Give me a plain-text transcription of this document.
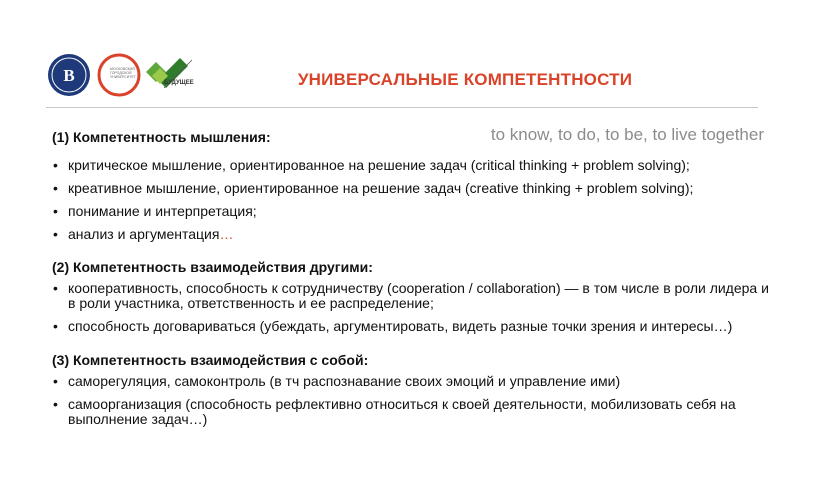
В	МОСКОВСКИЙ ГОРОДСКОЙ УНИВЕРСИТЕТ
БУДУЩЕЕ	УНИВЕРСАЛЬНЫЕ КОМПЕТЕНТНОСТИ
to know, to do, to be, to live together
(1) Компетентность мышления:
• критическое мышление, ориентированное на решение задач (critical thinking + problem solving);
• креативное мышление, ориентированное на решение задач (creative thinking + problem solving);
• понимание и интерпретация;
• анализ и аргументация…
(2) Компетентность взаимодействия другими:
• кооперативность, способность к сотрудничеству (cooperation / collaboration) — в том числе в роли лидера и в роли участника, ответственность и ее распределение;
• способность договариваться (убеждать, аргументировать, видеть разные точки зрения и интересы…)
(3) Компетентность взаимодействия с собой:
• саморегуляция, самоконтроль (в тч распознавание своих эмоций и управление ими)
• самоорганизация (способность рефлективно относиться к своей деятельности, мобилизовать себя на выполнение задач…)
